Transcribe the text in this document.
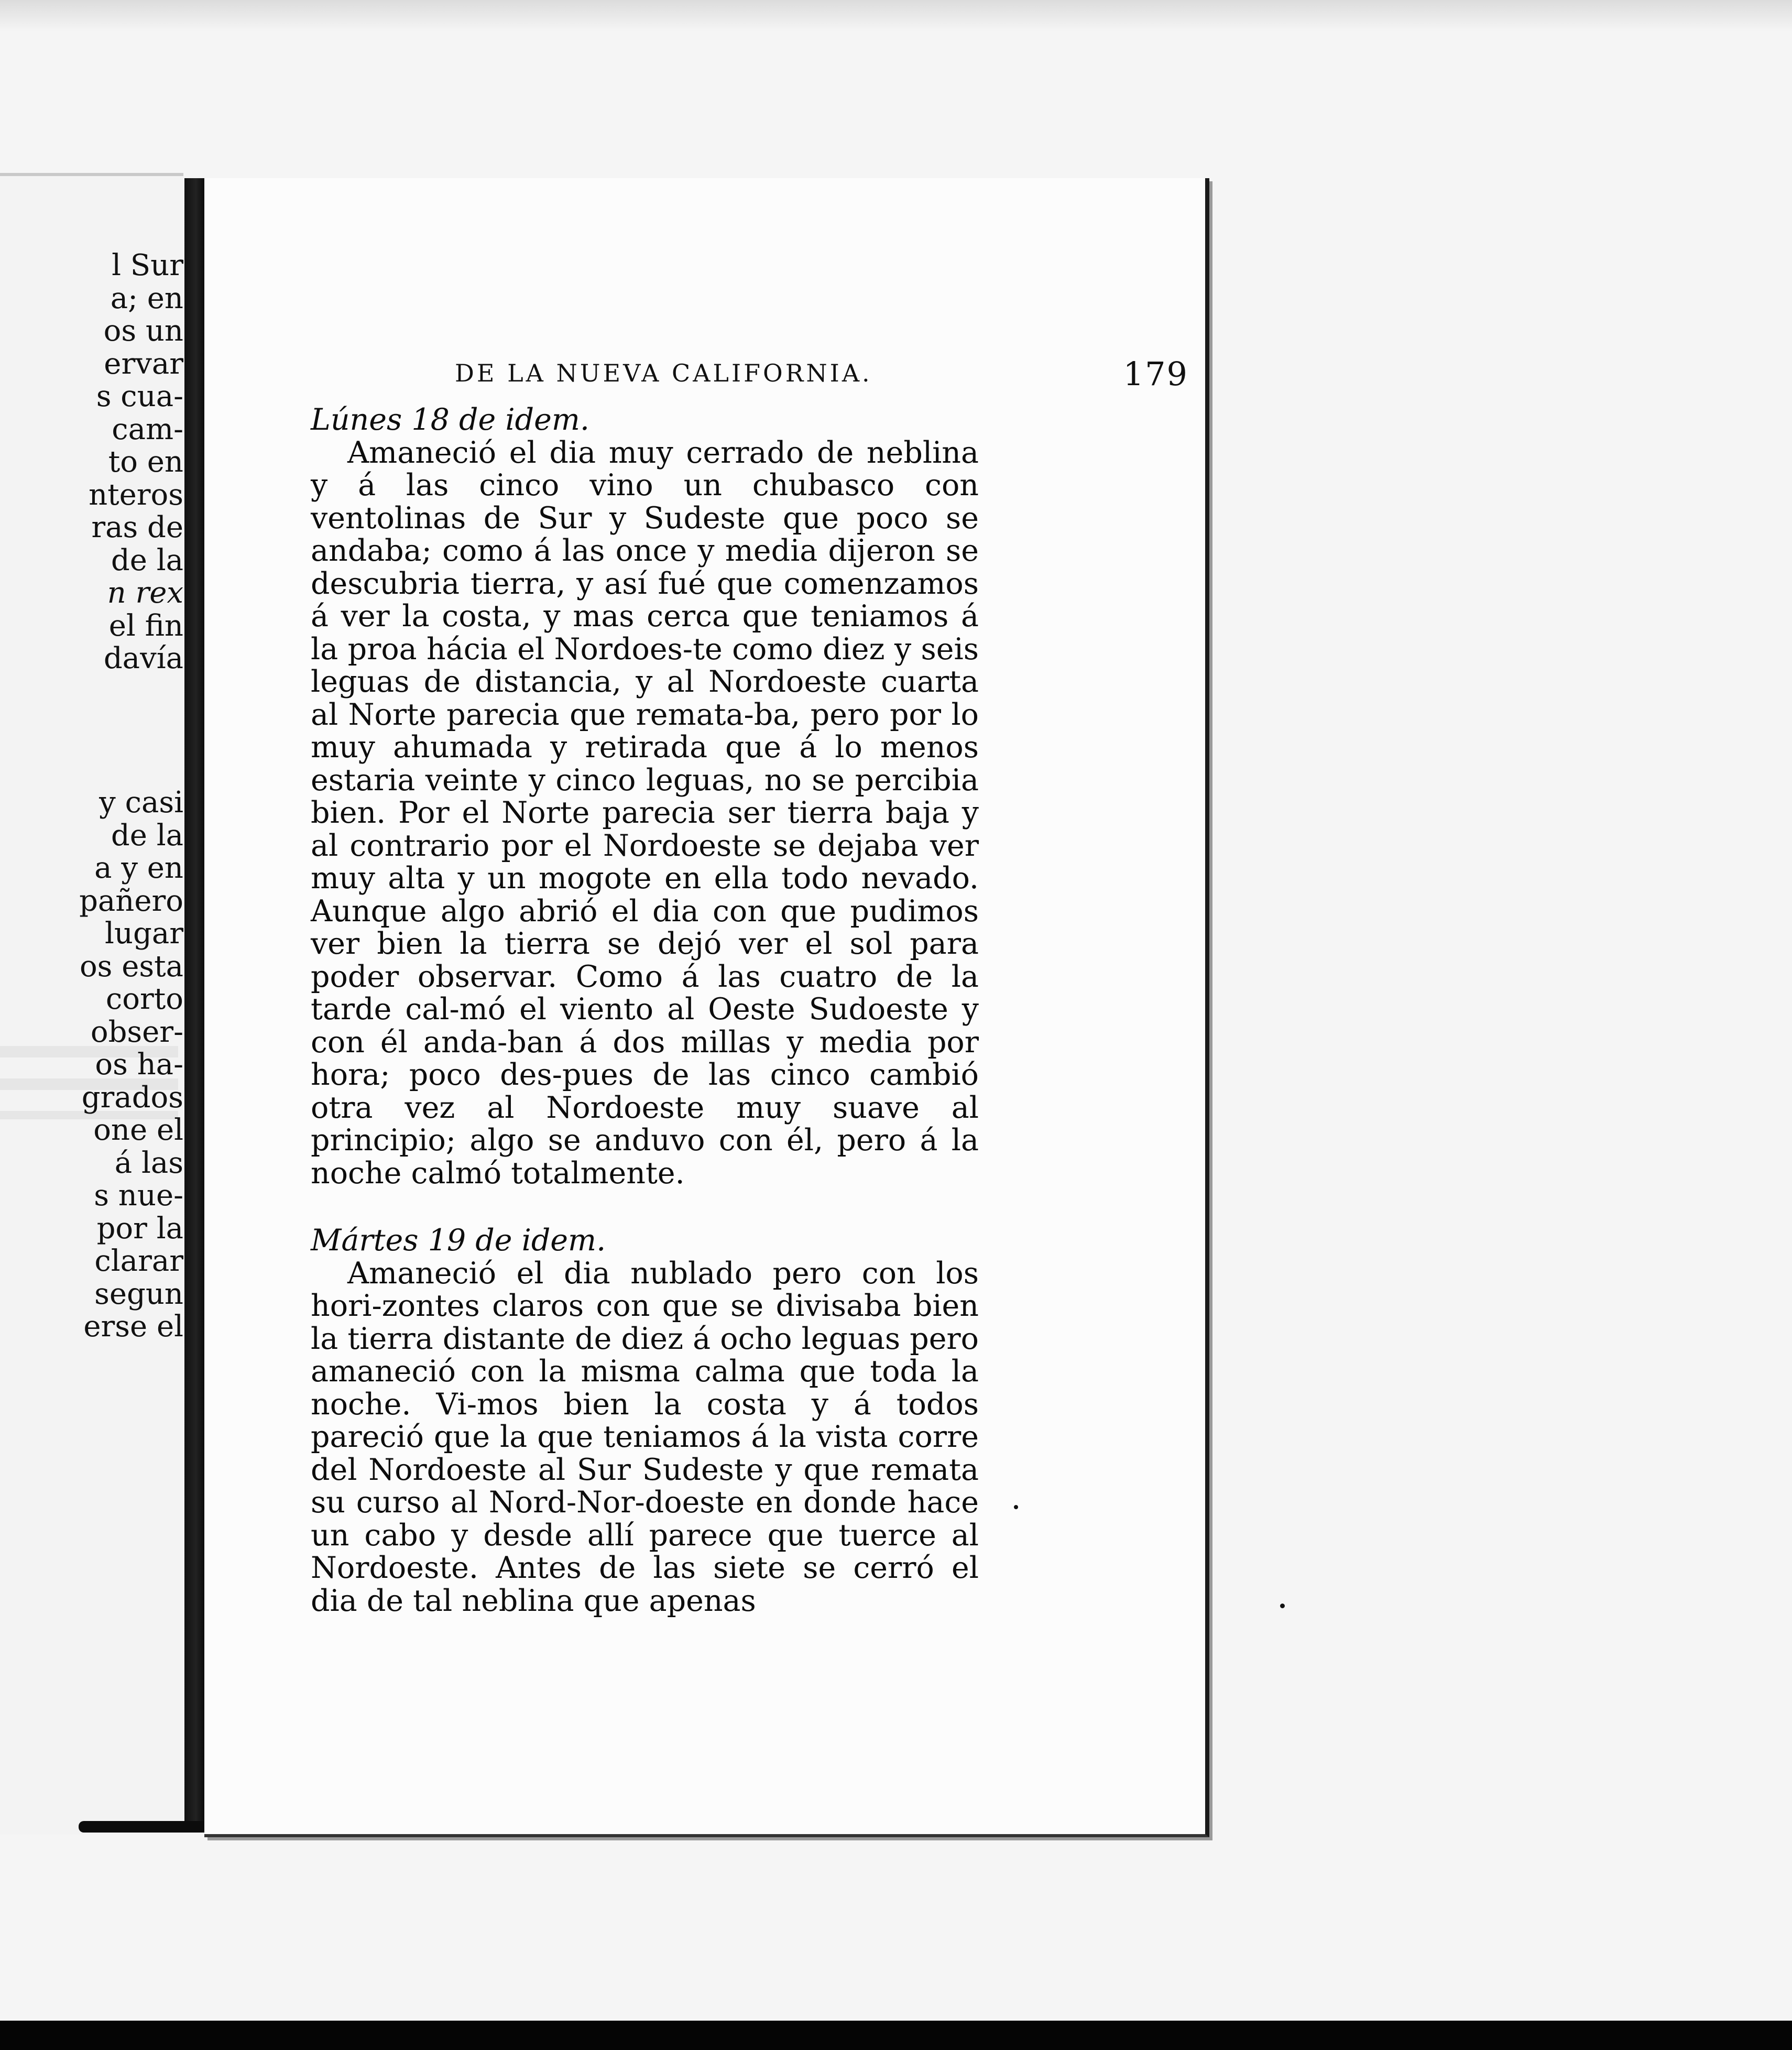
l Sur
a; en
os un
ervar
s cua-
cam-
to en
nteros
ras de
de la
n rex
el fin
davía
y casi
de la
a y en
pañero
lugar
os esta
corto
obser-
os ha-
grados
one el
á las
s nue-
por la
clarar
segun
erse el
DE LA NUEVA CALIFORNIA.	179

Lúnes 18 de idem.

Amaneció el dia muy cerrado de neblina y á las cinco vino un chubasco con ventolinas de Sur y Sudeste que poco se andaba; como á las once y media dijeron se descubria tierra, y así fué que comenzamos á ver la costa, y mas cerca que teniamos á la proa hácia el Nordoes-te como diez y seis leguas de distancia, y al Nordoeste cuarta al Norte parecia que remata-ba, pero por lo muy ahumada y retirada que á lo menos estaria veinte y cinco leguas, no se percibia bien. Por el Norte parecia ser tierra baja y al contrario por el Nordoeste se dejaba ver muy alta y un mogote en ella todo nevado. Aunque algo abrió el dia con que pudimos ver bien la tierra se dejó ver el sol para poder observar. Como á las cuatro de la tarde cal-mó el viento al Oeste Sudoeste y con él anda-ban á dos millas y media por hora; poco des-pues de las cinco cambió otra vez al Nordoeste muy suave al principio; algo se anduvo con él, pero á la noche calmó totalmente.

Mártes 19 de idem.

Amaneció el dia nublado pero con los hori-zontes claros con que se divisaba bien la tierra distante de diez á ocho leguas pero amaneció con la misma calma que toda la noche. Vi-mos bien la costa y á todos pareció que la que teniamos á la vista corre del Nordoeste al Sur Sudeste y que remata su curso al Nord-Nor-doeste en donde hace un cabo y desde allí parece que tuerce al Nordoeste. Antes de las siete se cerró el dia de tal neblina que apenas
